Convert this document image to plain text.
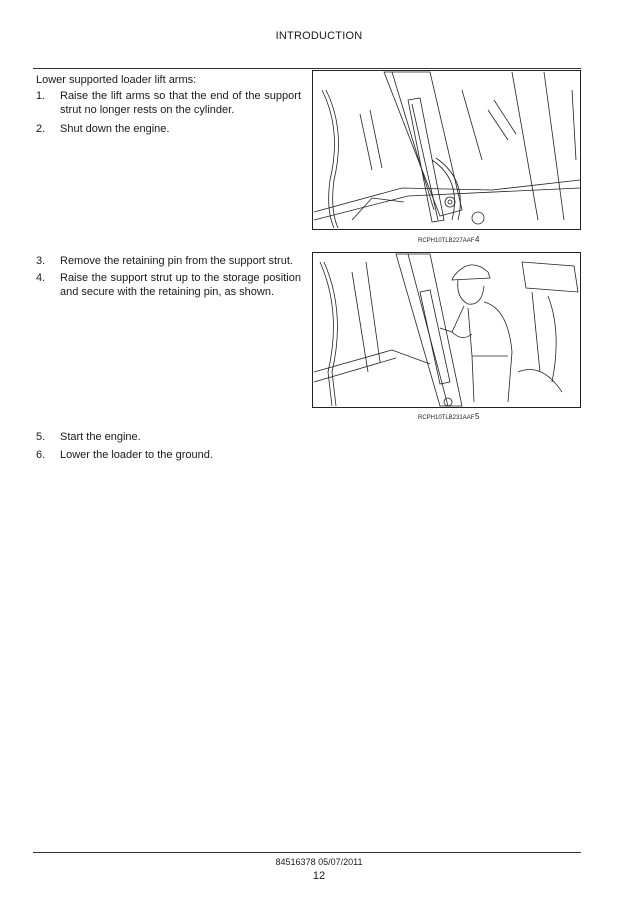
INTRODUCTION
Lower supported loader lift arms:
1. Raise the lift arms so that the end of the support strut no longer rests on the cylinder.
2. Shut down the engine.
3. Remove the retaining pin from the support strut.
4. Raise the support strut up to the storage position and secure with the retaining pin, as shown.
5. Start the engine.
6. Lower the loader to the ground.
RCPH10TLB227AAF 4
RCPH10TLB231AAF 5
84516378 05/07/2011
12
